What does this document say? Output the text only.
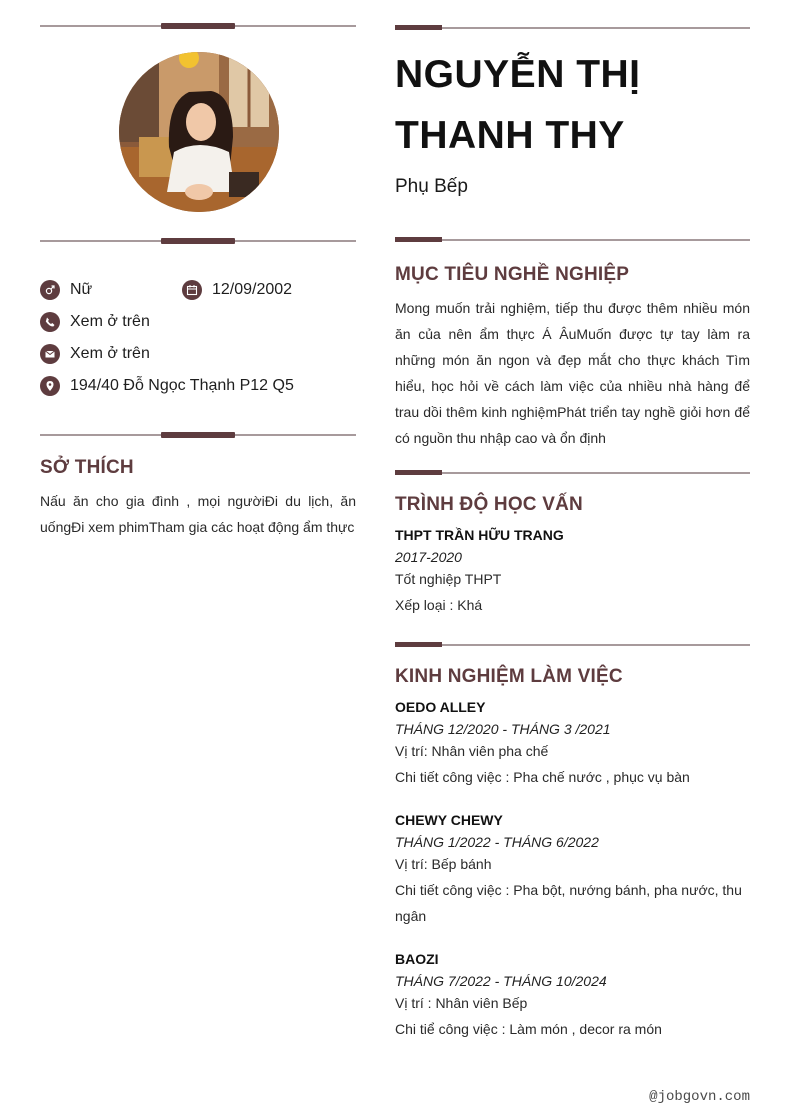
Nữ	12/09/2002
Xem ở trên
Xem ở trên
194/40 Đỗ Ngọc Thạnh P12 Q5
SỞ THÍCH
Nấu ăn cho gia đình , mọi ngườiĐi du lịch, ăn uốngĐi xem phimTham gia các hoạt động ẩm thực
NGUYỄN THỊ
THANH THY
Phụ Bếp
MỤC TIÊU NGHỀ NGHIỆP
Mong muốn trải nghiệm, tiếp thu được thêm nhiều món ăn của nên ẩm thực Á ÂuMuốn được tự tay làm ra những món ăn ngon và đẹp mắt cho thực khách Tìm hiểu, học hỏi về cách làm việc của nhiều nhà hàng để trau dồi thêm kinh nghiệmPhát triển tay nghề giỏi hơn để có nguồn thu nhập cao và ổn định
TRÌNH ĐỘ HỌC VẤN
THPT TRẦN HỮU TRANG
2017-2020
Tốt nghiệp THPT
Xếp loại : Khá
KINH NGHIỆM LÀM VIỆC
OEDO ALLEY
THÁNG 12/2020 - THÁNG 3 /2021
Vị trí: Nhân viên pha chế
Chi tiết công việc : Pha chế nước , phục vụ bàn
CHEWY CHEWY
THÁNG 1/2022 - THÁNG 6/2022
Vị trí: Bếp bánh
Chi tiết công việc : Pha bột, nướng bánh, pha nước, thu ngân
BAOZI
THÁNG 7/2022 - THÁNG 10/2024
Vị trí : Nhân viên Bếp
Chi tiể công việc : Làm món , decor ra món
@jobgovn.com
